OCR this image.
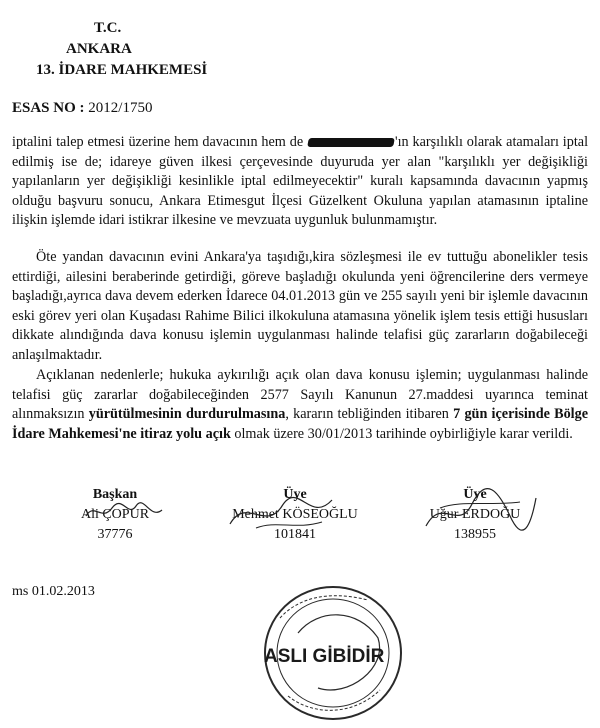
T.C.
ANKARA
13. İDARE MAHKEMESİ
ESAS NO : 2012/1750
iptalini talep etmesi üzerine hem davacının hem de	'ın karşılıklı olarak atamaları iptal edilmiş ise de; idareye güven ilkesi çerçevesinde duyuruda yer alan "karşılıklı yer değişikliği yapılanların yer değişikliği kesinlikle iptal edilmeyecektir" kuralı kapsamında davacının yapmış olduğu başvuru sonucu, Ankara Etimesgut İlçesi Güzelkent Okuluna yapılan atamasının iptaline ilişkin işlemde idari istikrar ilkesine ve mevzuata uygunluk bulunmamıştır.
Öte yandan davacının evini Ankara'ya taşıdığı,kira sözleşmesi ile ev tuttuğu abonelikler tesis ettirdiği, ailesini beraberinde getirdiği, göreve başladığı okulunda yeni öğrencilerine ders vermeye başladığı,ayrıca dava devem ederken İdarece 04.01.2013 gün ve 255 sayılı yeni bir işlemle davacının eski görev yeri olan Kuşadası Rahime Bilici ilkokuluna atamasına yönelik işlem tesis ettiği hususları dikkate alındığında dava konusu işlemin uygulanması halinde telafisi güç zararların doğabileceği anlaşılmaktadır.
Açıklanan nedenlerle; hukuka aykırılığı açık olan dava konusu işlemin; uygulanması halinde telafisi güç zararlar doğabileceğinden 2577 Sayılı Kanunun 27.maddesi uyarınca teminat alınmaksızın yürütülmesinin durdurulmasına, kararın tebliğinden itibaren 7 gün içerisinde Bölge İdare Mahkemesi'ne itiraz yolu açık olmak üzere 30/01/2013 tarihinde oybirliğiyle karar verildi.
Başkan
Ali ÇOPUR
37776
Üye
Mehmet KÖSEOĞLU
101841
Üye
Uğur ERDOĞU
138955
ms 01.02.2013
ASLI GİBİDİR
